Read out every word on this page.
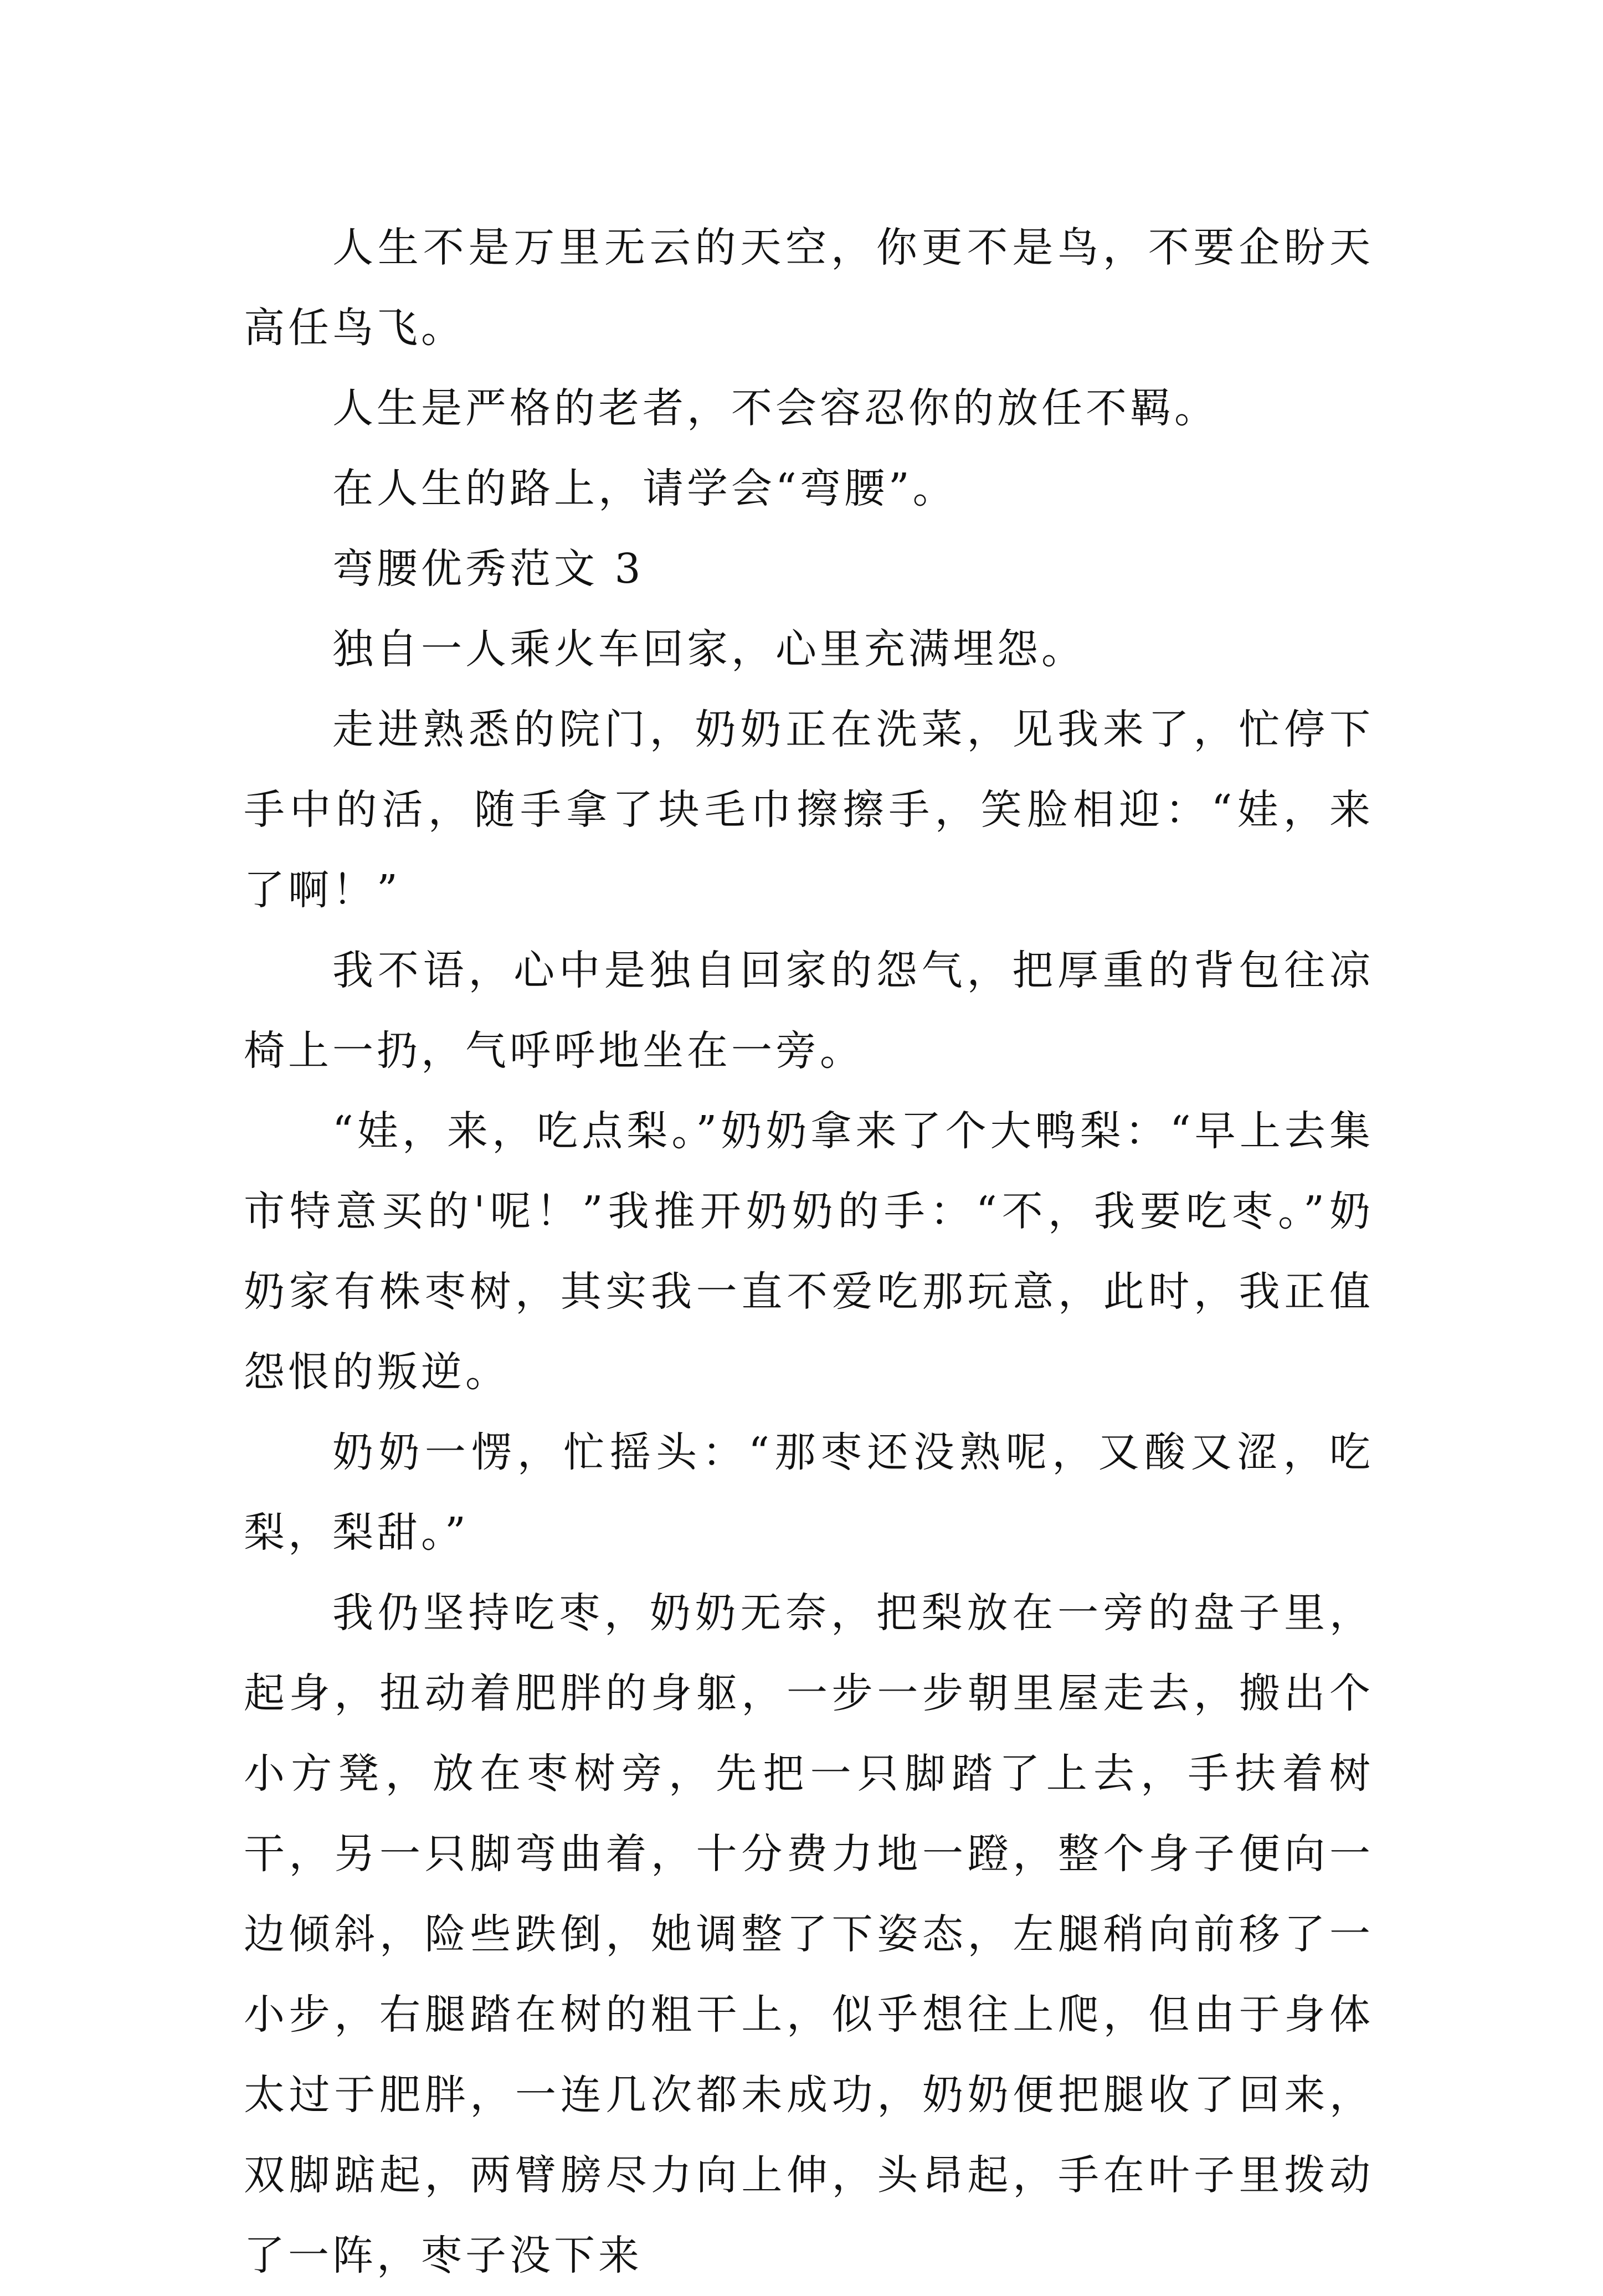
人生不是万里无云的天空，你更不是鸟，不要企盼天高任鸟飞。

人生是严格的老者，不会容忍你的放任不羁。

在人生的路上，请学会“弯腰”。

弯腰优秀范文 3

独自一人乘火车回家，心里充满埋怨。

走进熟悉的院门，奶奶正在洗菜，见我来了，忙停下手中的活，随手拿了块毛巾擦擦手，笑脸相迎：“娃，来了啊！”

我不语，心中是独自回家的怨气，把厚重的背包往凉椅上一扔，气呼呼地坐在一旁。

“娃，来，吃点梨。”奶奶拿来了个大鸭梨：“早上去集市特意买的'呢！”我推开奶奶的手：“不，我要吃枣。”奶奶家有株枣树，其实我一直不爱吃那玩意，此时，我正值怨恨的叛逆。

奶奶一愣，忙摇头：“那枣还没熟呢，又酸又涩，吃梨，梨甜。”

我仍坚持吃枣，奶奶无奈，把梨放在一旁的盘子里，起身，扭动着肥胖的身躯，一步一步朝里屋走去，搬出个小方凳，放在枣树旁，先把一只脚踏了上去，手扶着树干，另一只脚弯曲着，十分费力地一蹬，整个身子便向一边倾斜，险些跌倒，她调整了下姿态，左腿稍向前移了一小步，右腿踏在树的粗干上，似乎想往上爬，但由于身体太过于肥胖，一连几次都未成功，奶奶便把腿收了回来，双脚踮起，两臂膀尽力向上伸，头昂起，手在叶子里拨动了一阵，枣子没下来
